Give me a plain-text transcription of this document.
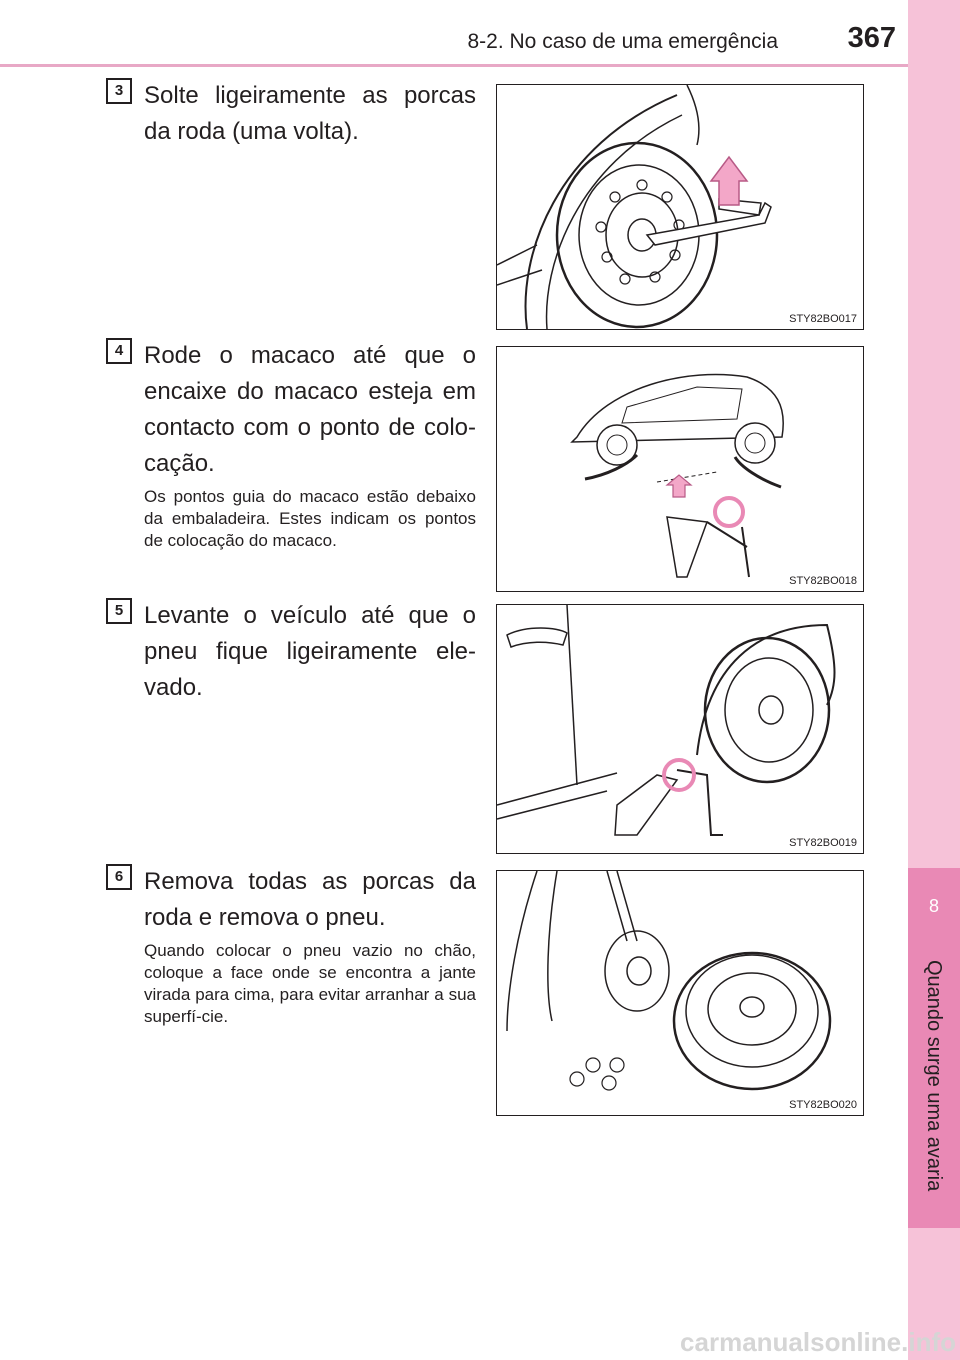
8-2. No caso de uma emergência 367
8
Quando surge uma avaria
3 Solte ligeiramente as porcas da roda (uma volta).
STY82BO017
4 Rode o macaco até que o encaixe do macaco esteja em contacto com o ponto de colo-cação.
Os pontos guia do macaco estão debaixo da embaladeira. Estes indicam os pontos de colocação do macaco.
STY82BO018
5 Levante o veículo até que o pneu fique ligeiramente ele-vado.
STY82BO019
6 Remova todas as porcas da roda e remova o pneu.
Quando colocar o pneu vazio no chão, coloque a face onde se encontra a jante virada para cima, para evitar arranhar a sua superfí-cie.
STY82BO020
carmanualsonline.info
